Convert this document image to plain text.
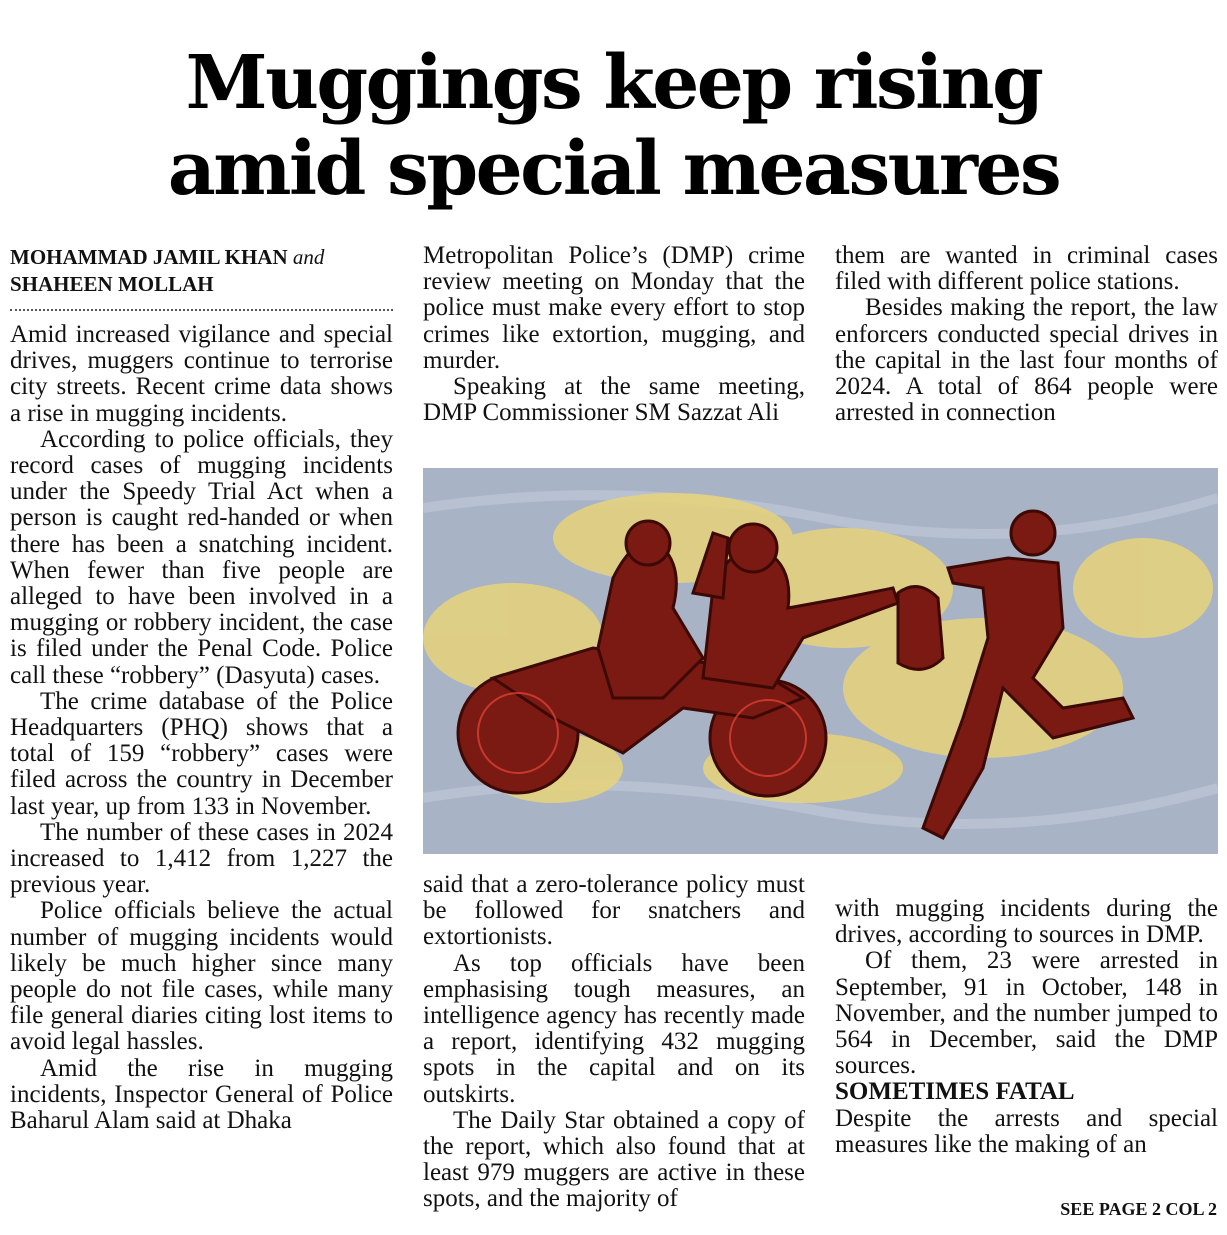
Muggings keep rising
amid special measures
MOHAMMAD JAMIL KHAN and
SHAHEEN MOLLAH

Amid increased vigilance and special drives, muggers continue to terrorise city streets. Recent crime data shows a rise in mugging incidents.

According to police officials, they record cases of mugging incidents under the Speedy Trial Act when a person is caught red-handed or when there has been a snatching incident. When fewer than five people are alleged to have been involved in a mugging or robbery incident, the case is filed under the Penal Code. Police call these “robbery” (Dasyuta) cases.

The crime database of the Police Headquarters (PHQ) shows that a total of 159 “robbery” cases were filed across the country in December last year, up from 133 in November.

The number of these cases in 2024 increased to 1,412 from 1,227 the previous year.

Police officials believe the actual number of mugging incidents would likely be much higher since many people do not file cases, while many file general diaries citing lost items to avoid legal hassles.

Amid the rise in mugging incidents, Inspector General of Police Baharul Alam said at Dhaka

Metropolitan Police’s (DMP) crime review meeting on Monday that the police must make every effort to stop crimes like extortion, mugging, and murder.

Speaking at the same meeting, DMP Commissioner SM Sazzat Ali

them are wanted in criminal cases filed with different police stations.

Besides making the report, the law enforcers conducted special drives in the capital in the last four months of 2024. A total of 864 people were arrested in connection

said that a zero-tolerance policy must be followed for snatchers and extortionists.

As top officials have been emphasising tough measures, an intelligence agency has recently made a report, identifying 432 mugging spots in the capital and on its outskirts.

The Daily Star obtained a copy of the report, which also found that at least 979 muggers are active in these spots, and the majority of

with mugging incidents during the drives, according to sources in DMP.

Of them, 23 were arrested in September, 91 in October, 148 in November, and the number jumped to 564 in December, said the DMP sources.

SOMETIMES FATAL

Despite the arrests and special measures like the making of an

SEE PAGE 2 COL 2
